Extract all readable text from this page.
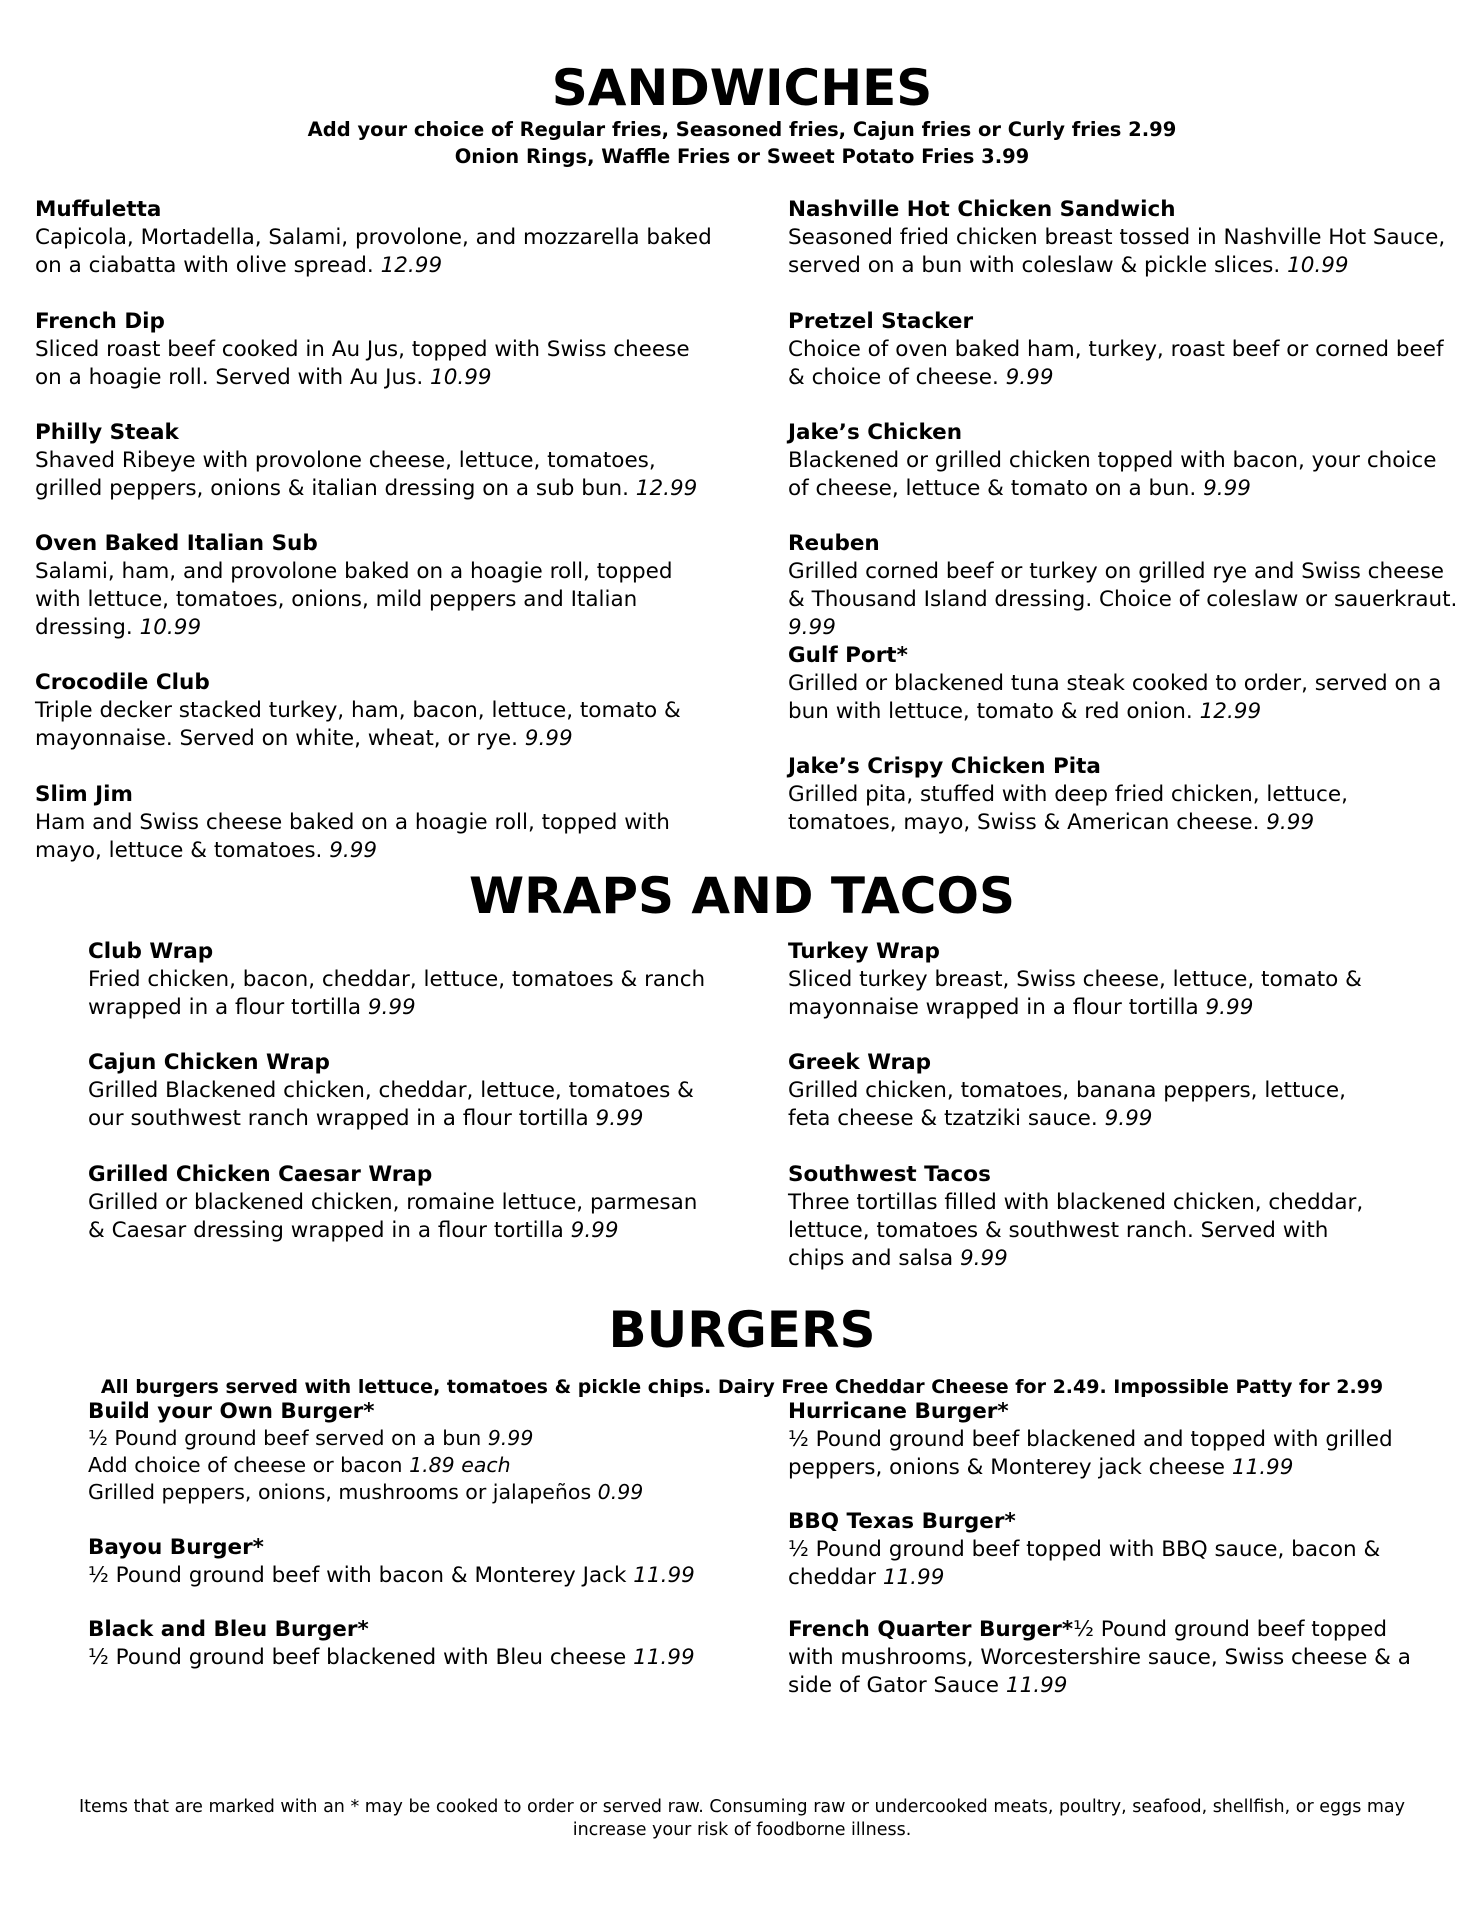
SANDWICHES
Add your choice of Regular fries, Seasoned fries, Cajun fries or Curly fries 2.99
Onion Rings, Waffle Fries or Sweet Potato Fries 3.99
Muffuletta
Capicola, Mortadella, Salami, provolone, and mozzarella baked on a ciabatta with olive spread. 12.99
French Dip
Sliced roast beef cooked in Au Jus, topped with Swiss cheese on a hoagie roll. Served with Au Jus. 10.99
Philly Steak
Shaved Ribeye with provolone cheese, lettuce, tomatoes, grilled peppers, onions & italian dressing on a sub bun. 12.99
Oven Baked Italian Sub
Salami, ham, and provolone baked on a hoagie roll, topped with lettuce, tomatoes, onions, mild peppers and Italian dressing. 10.99
Crocodile Club
Triple decker stacked turkey, ham, bacon, lettuce, tomato & mayonnaise. Served on white, wheat, or rye. 9.99
Slim Jim
Ham and Swiss cheese baked on a hoagie roll, topped with mayo, lettuce & tomatoes. 9.99
Nashville Hot Chicken Sandwich
Seasoned fried chicken breast tossed in Nashville Hot Sauce, served on a bun with coleslaw & pickle slices. 10.99
Pretzel Stacker
Choice of oven baked ham, turkey, roast beef or corned beef & choice of cheese. 9.99
Jake’s Chicken
Blackened or grilled chicken topped with bacon, your choice of cheese, lettuce & tomato on a bun. 9.99
Reuben
Grilled corned beef or turkey on grilled rye and Swiss cheese & Thousand Island dressing. Choice of coleslaw or sauerkraut. 9.99
Gulf Port*
Grilled or blackened tuna steak cooked to order, served on a bun with lettuce, tomato & red onion. 12.99
Jake’s Crispy Chicken Pita
Grilled pita, stuffed with deep fried chicken, lettuce, tomatoes, mayo, Swiss & American cheese. 9.99
WRAPS AND TACOS
Club Wrap
Fried chicken, bacon, cheddar, lettuce, tomatoes & ranch wrapped in a flour tortilla 9.99
Cajun Chicken Wrap
Grilled Blackened chicken, cheddar, lettuce, tomatoes & our southwest ranch wrapped in a flour tortilla 9.99
Grilled Chicken Caesar Wrap
Grilled or blackened chicken, romaine lettuce, parmesan & Caesar dressing wrapped in a flour tortilla 9.99
Turkey Wrap
Sliced turkey breast, Swiss cheese, lettuce, tomato & mayonnaise wrapped in a flour tortilla 9.99
Greek Wrap
Grilled chicken, tomatoes, banana peppers, lettuce, feta cheese & tzatziki sauce. 9.99
Southwest Tacos
Three tortillas filled with blackened chicken, cheddar, lettuce, tomatoes & southwest ranch. Served with chips and salsa 9.99
BURGERS
All burgers served with lettuce, tomatoes & pickle chips. Dairy Free Cheddar Cheese for 2.49. Impossible Patty for 2.99
Build your Own Burger*
½ Pound ground beef served on a bun 9.99
Add choice of cheese or bacon 1.89 each
Grilled peppers, onions, mushrooms or jalapeños 0.99
Bayou Burger*
½ Pound ground beef with bacon & Monterey Jack 11.99
Black and Bleu Burger*
½ Pound ground beef blackened with Bleu cheese 11.99
Hurricane Burger*
½ Pound ground beef blackened and topped with grilled peppers, onions & Monterey jack cheese 11.99
BBQ Texas Burger*
½ Pound ground beef topped with BBQ sauce, bacon & cheddar 11.99
French Quarter Burger*½ Pound ground beef topped with mushrooms, Worcestershire sauce, Swiss cheese & a side of Gator Sauce 11.99
Items that are marked with an * may be cooked to order or served raw. Consuming raw or undercooked meats, poultry, seafood, shellfish, or eggs may increase your risk of foodborne illness.
